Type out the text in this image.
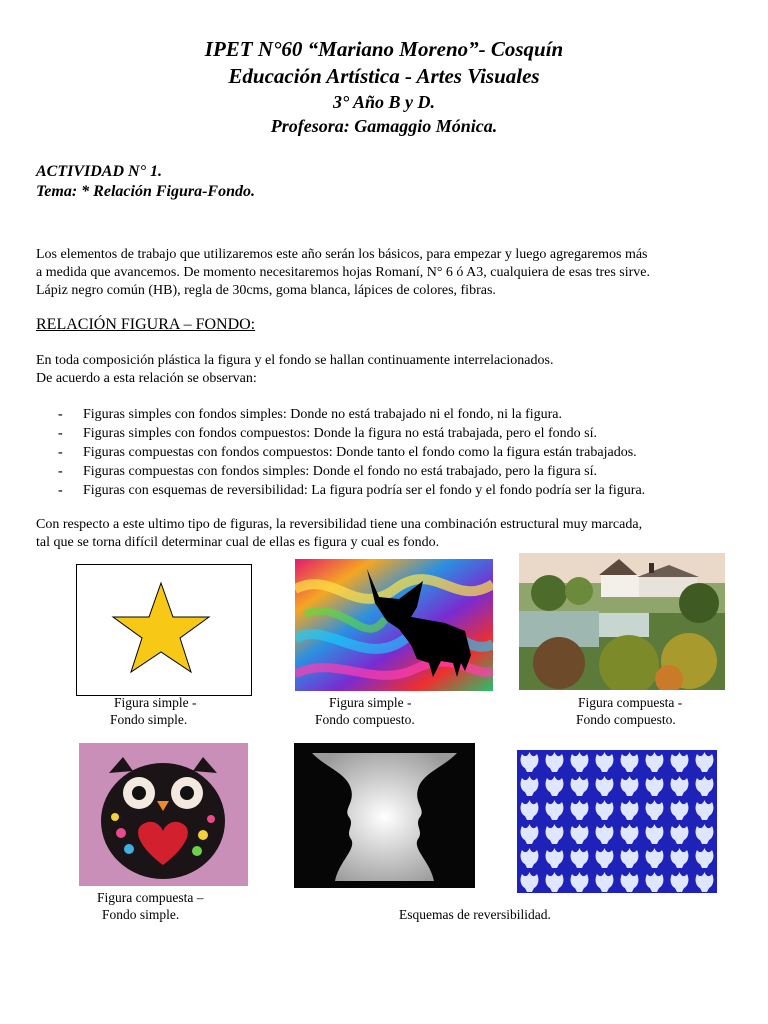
IPET N°60 “Mariano Moreno”- Cosquín
Educación Artística - Artes Visuales
3° Año B y D.
Profesora: Gamaggio Mónica.
ACTIVIDAD N° 1.
Tema: * Relación Figura-Fondo.
Los elementos de trabajo que utilizaremos este año serán los básicos, para empezar y luego agregaremos más
a medida que avancemos. De momento necesitaremos hojas Romaní, N° 6 ó A3, cualquiera de esas tres sirve.
Lápiz negro común (HB), regla de 30cms, goma blanca, lápices de colores, fibras.
RELACIÓN FIGURA – FONDO:
En toda composición plástica la figura y el fondo se hallan continuamente interrelacionados.
De acuerdo a esta relación se observan:
- Figuras simples con fondos simples: Donde no está trabajado ni el fondo, ni la figura.
- Figuras simples con fondos compuestos: Donde la figura no está trabajada, pero el fondo sí.
- Figuras compuestas con fondos compuestos: Donde tanto el fondo como la figura están trabajados.
- Figuras compuestas con fondos simples: Donde el fondo no está trabajado, pero la figura sí.
- Figuras con esquemas de reversibilidad: La figura podría ser el fondo y el fondo podría ser la figura.
Con respecto a este ultimo tipo de figuras, la reversibilidad tiene una combinación estructural muy marcada,
tal que se torna difícil determinar cual de ellas es figura y cual es fondo.
Figura simple -
Fondo simple.
Figura simple -
Fondo compuesto.
Figura compuesta -
Fondo compuesto.
Figura compuesta –
Fondo simple.	Esquemas de reversibilidad.
